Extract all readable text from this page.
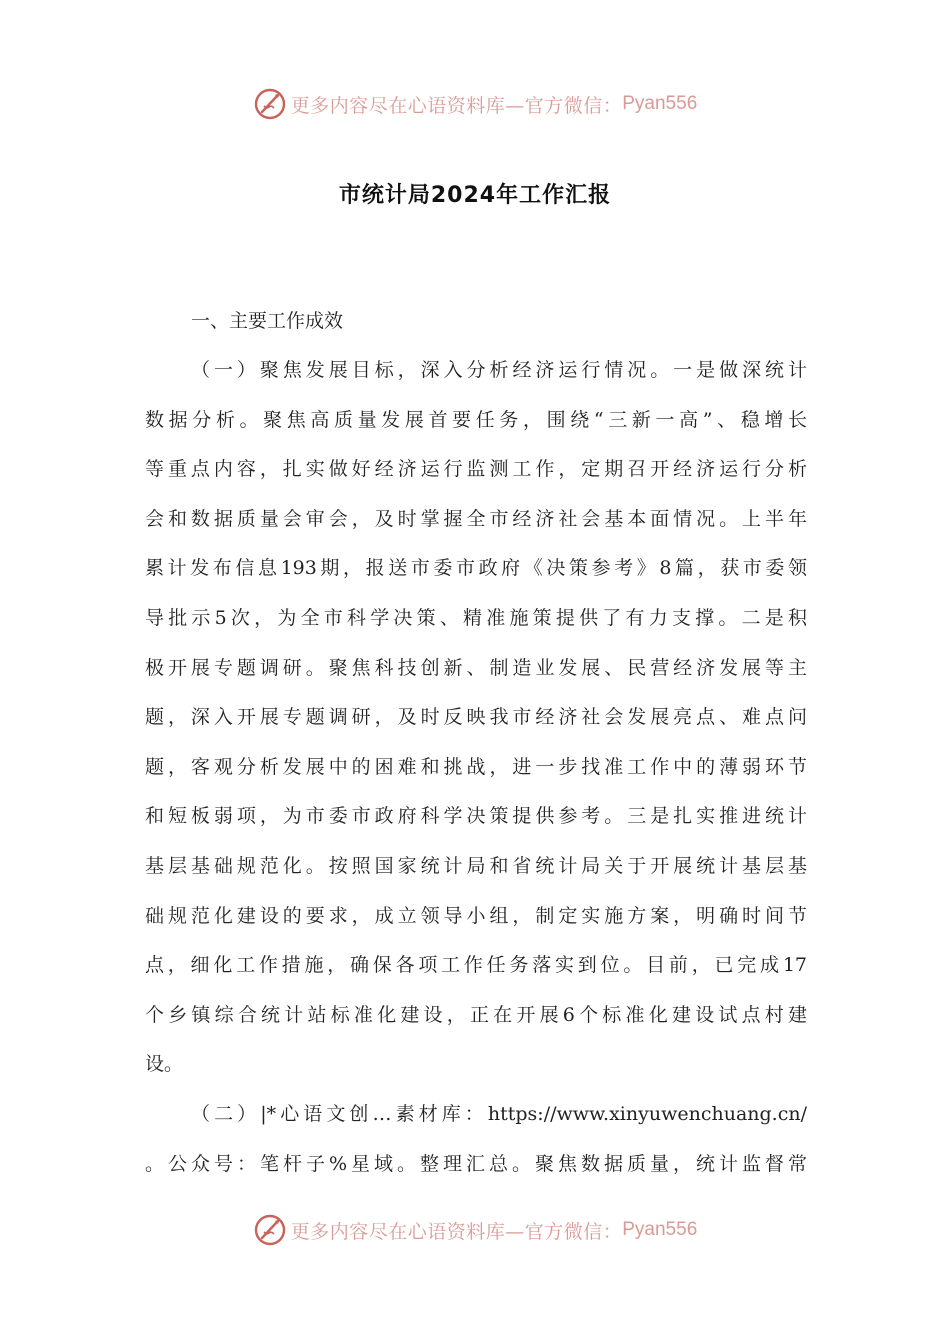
更多内容尽在心语资料库—官方微信： Pyan556
市统计局2024年工作汇报

一、主要工作成效

（一）聚焦发展目标，深入分析经济运行情况。一是做深统计

数据分析。聚焦高质量发展首要任务，围绕“三新一高”、稳增长

等重点内容，扎实做好经济运行监测工作，定期召开经济运行分析

会和数据质量会审会，及时掌握全市经济社会基本面情况。上半年

累计发布信息193期，报送市委市政府《决策参考》8篇，获市委领

导批示5次，为全市科学决策、精准施策提供了有力支撑。二是积

极开展专题调研。聚焦科技创新、制造业发展、民营经济发展等主

题，深入开展专题调研，及时反映我市经济社会发展亮点、难点问

题，客观分析发展中的困难和挑战，进一步找准工作中的薄弱环节

和短板弱项，为市委市政府科学决策提供参考。三是扎实推进统计

基层基础规范化。按照国家统计局和省统计局关于开展统计基层基

础规范化建设的要求，成立领导小组，制定实施方案，明确时间节

点，细化工作措施，确保各项工作任务落实到位。目前，已完成17

个乡镇综合统计站标准化建设，正在开展6个标准化建设试点村建

设。

（二）|*心语文创…素材库：https://www.xinyuwenchuang.cn/

。公众号：笔杆子%星域。整理汇总。聚焦数据质量，统计监督常

更多内容尽在心语资料库—官方微信： Pyan556
